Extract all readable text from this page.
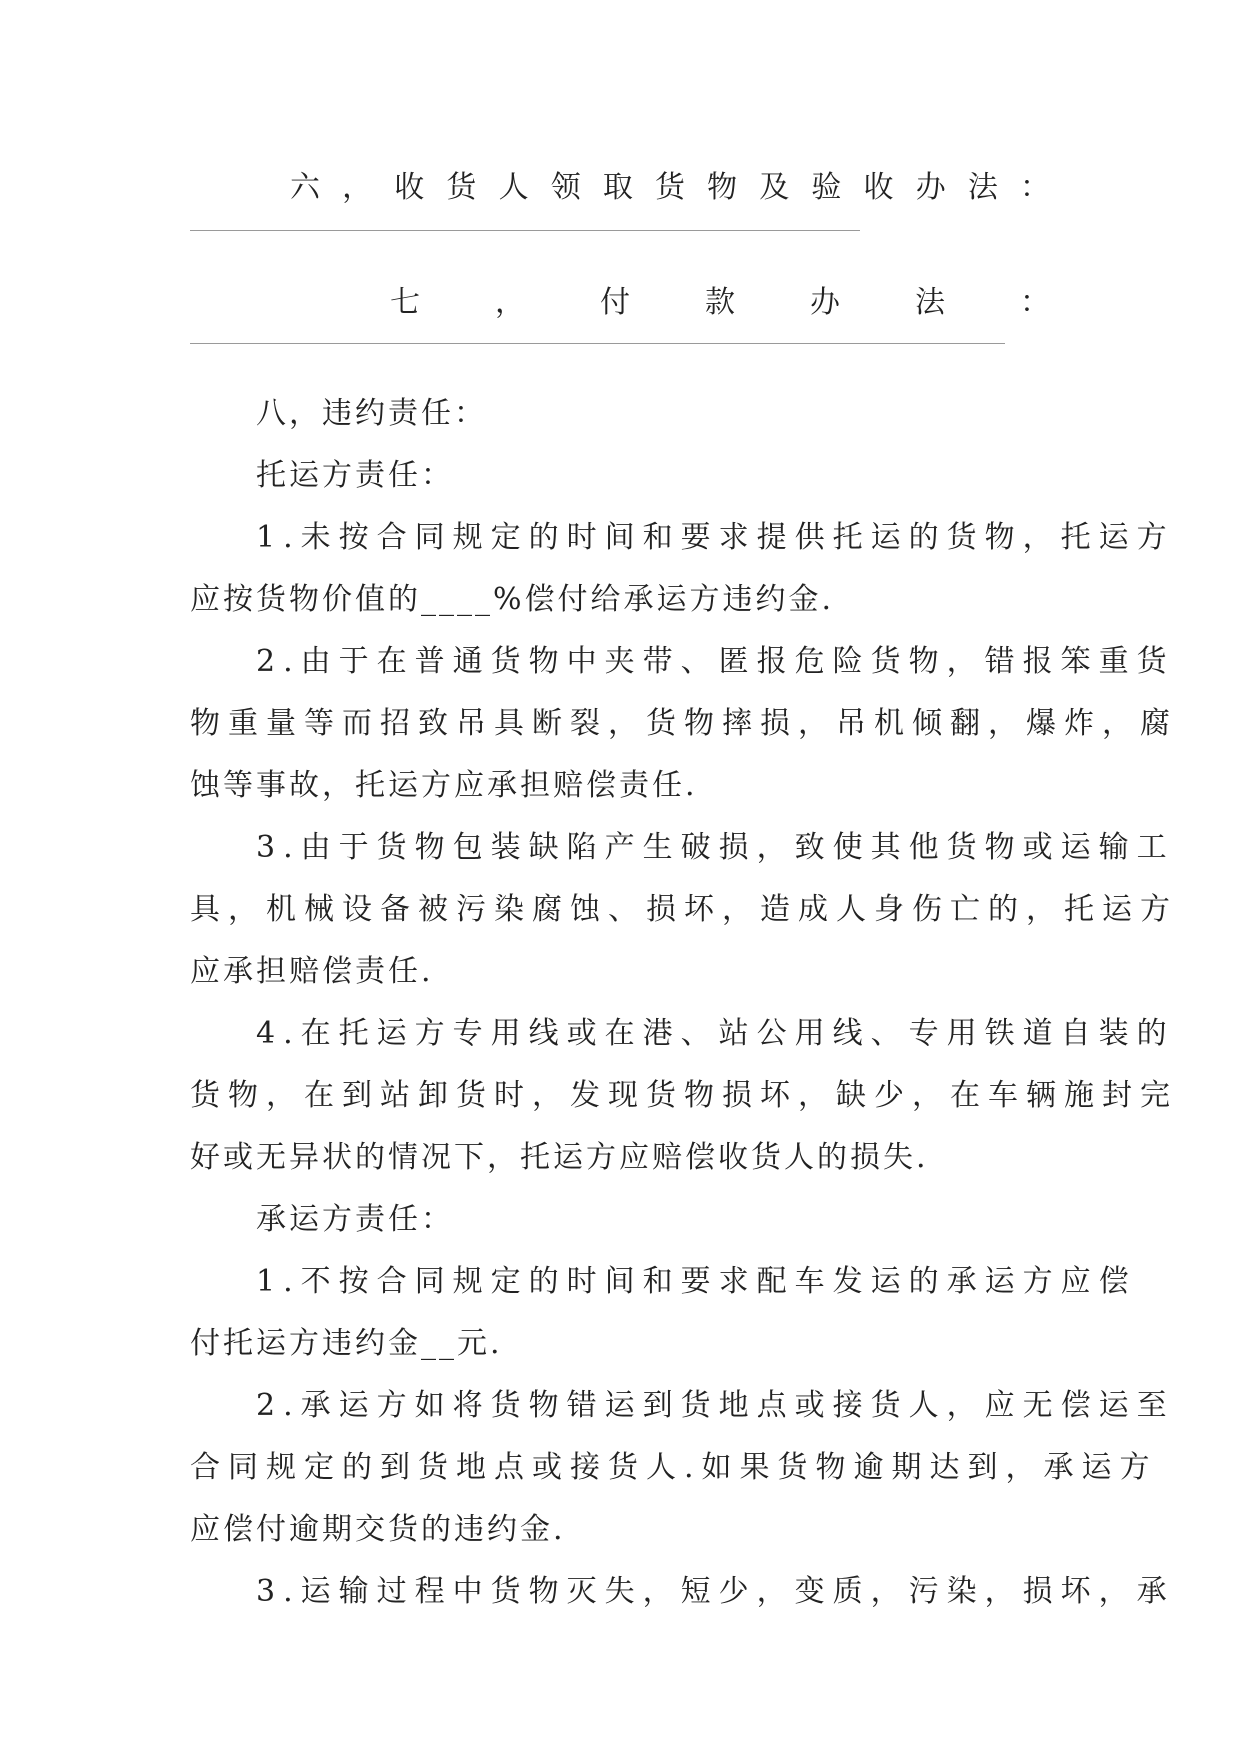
六 ， 收 货 人 领 取 货 物 及 验 收 办 法 ：
七	，	付	款	办	法	：
八，违约责任：
托运方责任：
1.未按合同规定的时间和要求提供托运的货物，托运方
应按货物价值的____%偿付给承运方违约金.
2.由于在普通货物中夹带、匿报危险货物，错报笨重货
物重量等而招致吊具断裂，货物摔损，吊机倾翻，爆炸，腐
蚀等事故，托运方应承担赔偿责任.
3.由于货物包装缺陷产生破损，致使其他货物或运输工
具，机械设备被污染腐蚀、损坏，造成人身伤亡的，托运方
应承担赔偿责任.
4.在托运方专用线或在港、站公用线、专用铁道自装的
货物，在到站卸货时，发现货物损坏，缺少，在车辆施封完
好或无异状的情况下，托运方应赔偿收货人的损失.
承运方责任：
1.不按合同规定的时间和要求配车发运的承运方应偿
付托运方违约金__元.
2.承运方如将货物错运到货地点或接货人，应无偿运至
合同规定的到货地点或接货人.如果货物逾期达到，承运方
应偿付逾期交货的违约金.
3.运输过程中货物灭失，短少，变质，污染，损坏，承
